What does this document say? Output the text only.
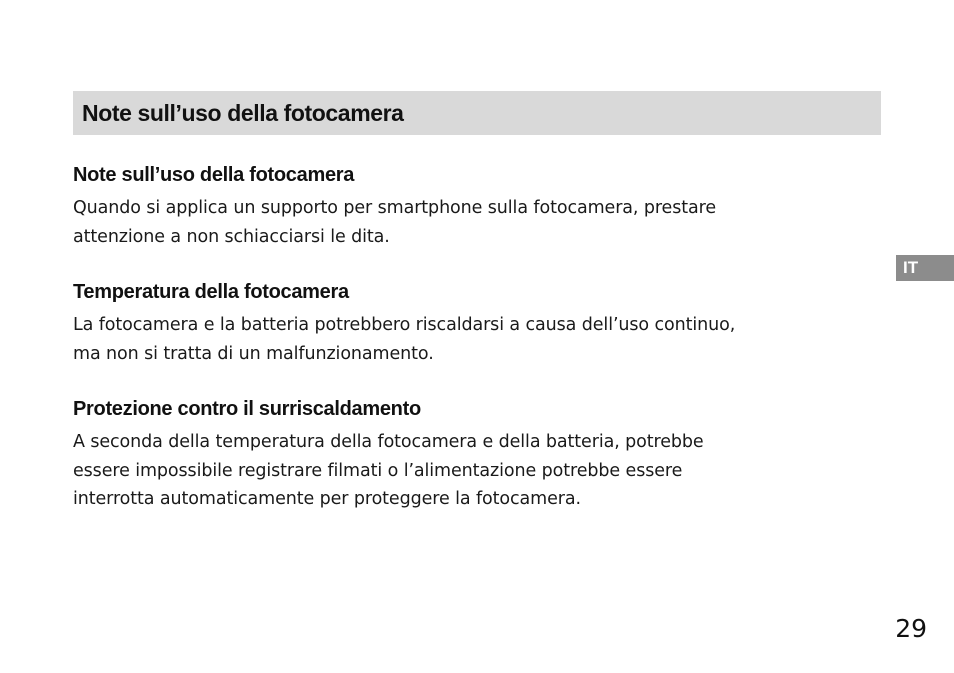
Note sull’uso della fotocamera
Note sull’uso della fotocamera

Quando si applica un supporto per smartphone sulla fotocamera, prestare
attenzione a non schiacciarsi le dita.

Temperatura della fotocamera

La fotocamera e la batteria potrebbero riscaldarsi a causa dell’uso continuo,
ma non si tratta di un malfunzionamento.

Protezione contro il surriscaldamento

A seconda della temperatura della fotocamera e della batteria, potrebbe
essere impossibile registrare filmati o l’alimentazione potrebbe essere
interrotta automaticamente per proteggere la fotocamera.

IT
29
